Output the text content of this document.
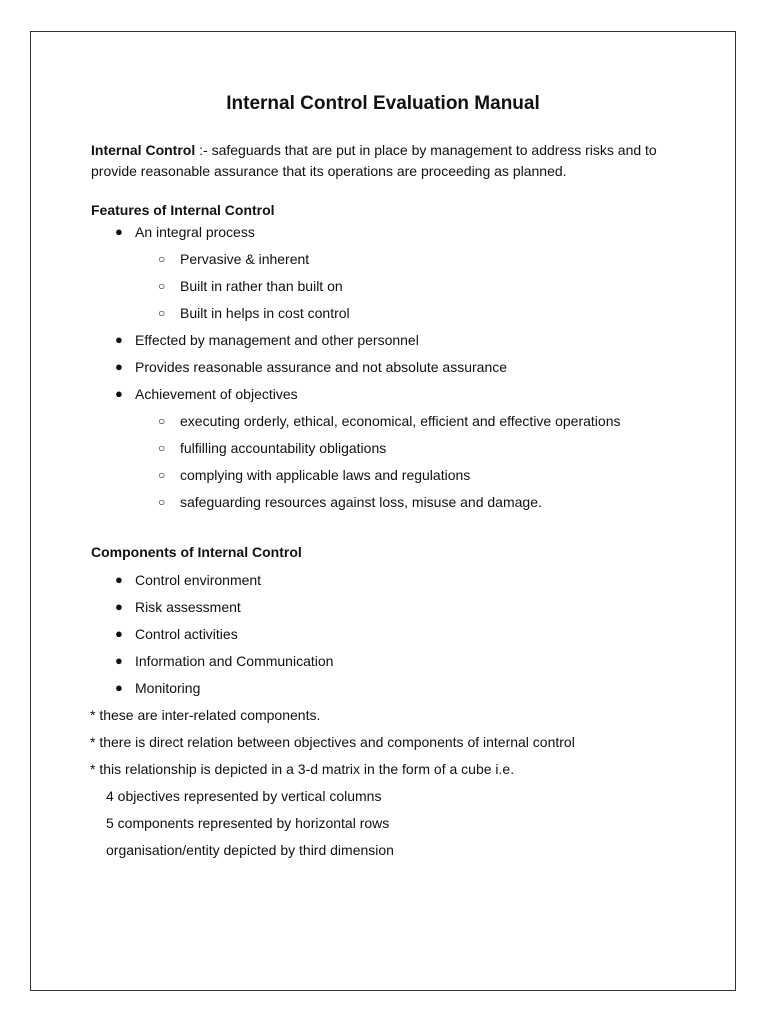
Internal Control Evaluation Manual

Internal Control :- safeguards that are put in place by management to address risks and to provide reasonable assurance that its operations are proceeding as planned.

Features of Internal Control

● An integral process
○ Pervasive & inherent
○ Built in rather than built on
○ Built in helps in cost control
● Effected by management and other personnel
● Provides reasonable assurance and not absolute assurance
● Achievement of objectives
○ executing orderly, ethical, economical, efficient and effective operations
○ fulfilling accountability obligations
○ complying with applicable laws and regulations
○ safeguarding resources against loss, misuse and damage.

Components of Internal Control

● Control environment
● Risk assessment
● Control activities
● Information and Communication
● Monitoring

* these are inter-related components.

* there is direct relation between objectives and components of internal control

* this relationship is depicted in a 3-d matrix in the form of a cube i.e.

4 objectives represented by vertical columns

5 components represented by horizontal rows

organisation/entity depicted by third dimension
